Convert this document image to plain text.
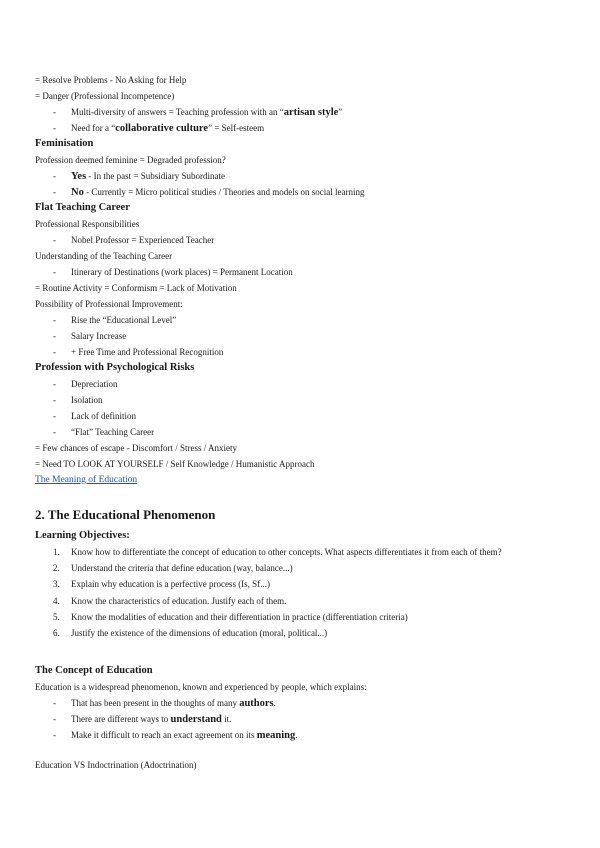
= Resolve Problems - No Asking for Help
= Danger (Professional Incompetence)
- Multi-diversity of answers = Teaching profession with an “artisan style”
- Need for a “collaborative culture” = Self-esteem
Feminisation
Profession deemed feminine = Degraded profession?
- Yes - In the past = Subsidiary Subordinate
- No - Currently = Micro political studies / Theories and models on social learning
Flat Teaching Career
Professional Responsibilities
- Nobel Professor = Experienced Teacher
Understanding of the Teaching Career
- Itinerary of Destinations (work places) = Permanent Location
= Routine Activity = Conformism = Lack of Motivation
Possibility of Professional Improvement:
- Rise the “Educational Level”
- Salary Increase
- + Free Time and Professional Recognition
Profession with Psychological Risks
- Depreciation
- Isolation
- Lack of definition
- “Flat” Teaching Career
= Few chances of escape - Discomfort / Stress / Anxiety
= Need TO LOOK AT YOURSELF / Self Knowledge / Humanistic Approach
The Meaning of Education
2. The Educational Phenomenon
Learning Objectives:
1. Know how to differentiate the concept of education to other concepts. What aspects differentiates it from each of them?
2. Understand the criteria that define education (way, balance...)
3. Explain why education is a perfective process (Is, Sf...)
4. Know the characteristics of education. Justify each of them.
5. Know the modalities of education and their differentiation in practice (differentiation criteria)
6. Justify the existence of the dimensions of education (moral, political...)
The Concept of Education
Education is a widespread phenomenon, known and experienced by people, which explains:
- That has been present in the thoughts of many authors.
- There are different ways to understand it.
- Make it difficult to reach an exact agreement on its meaning.
Education VS Indoctrination (Adoctrination)
